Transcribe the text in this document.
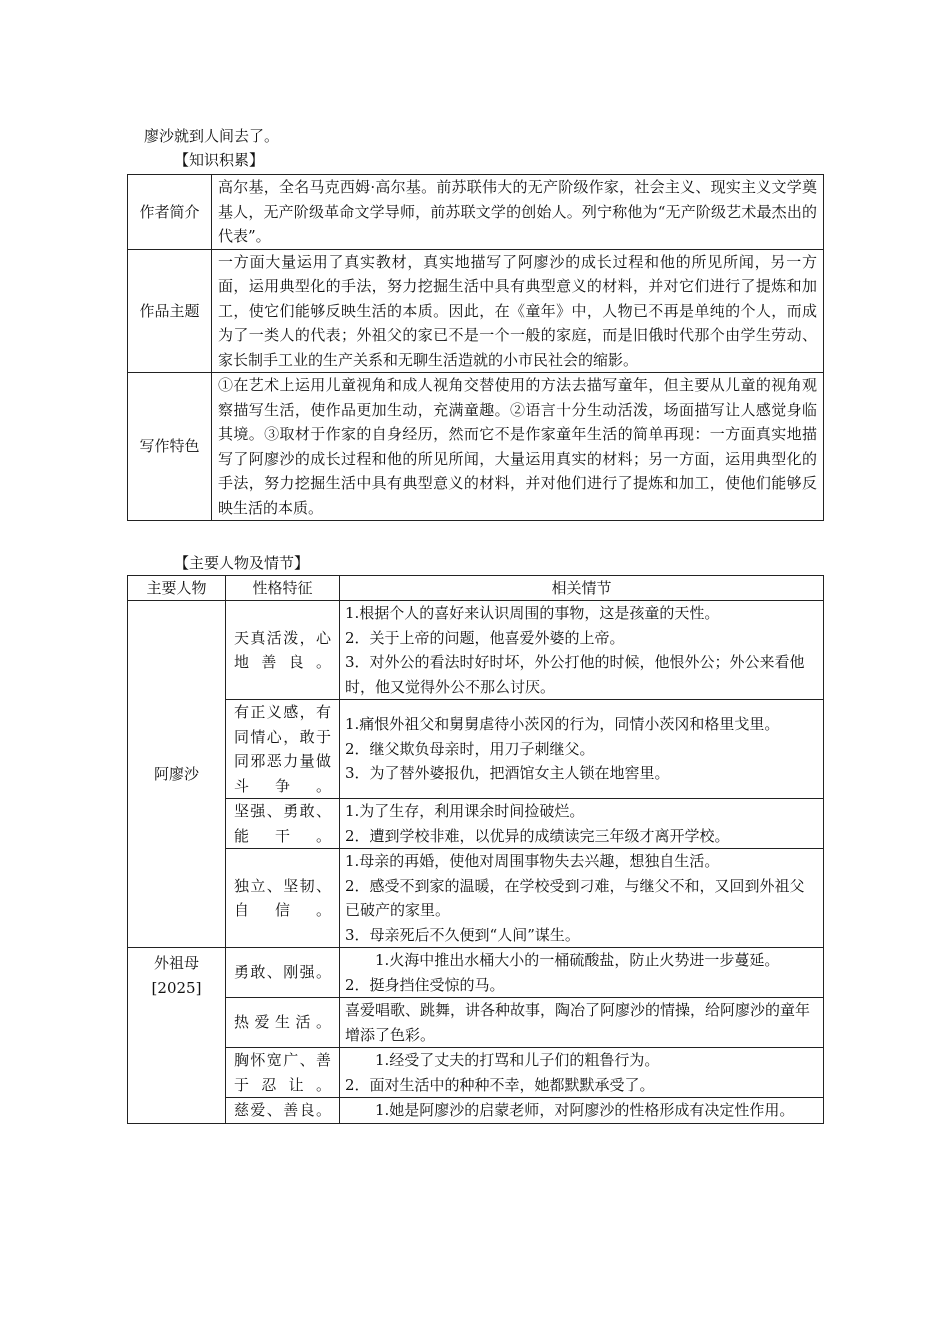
廖沙就到人间去了。
【知识积累】
作者简介	高尔基，全名马克西姆·高尔基。前苏联伟大的无产阶级作家，社会主义、现实主义文学奠基人，无产阶级革命文学导师，前苏联文学的创始人。列宁称他为“无产阶级艺术最杰出的代表”。
作品主题	一方面大量运用了真实教材，真实地描写了阿廖沙的成长过程和他的所见所闻，另一方面，运用典型化的手法，努力挖掘生活中具有典型意义的材料，并对它们进行了提炼和加工，使它们能够反映生活的本质。因此，在《童年》中，人物已不再是单纯的个人，而成为了一类人的代表；外祖父的家已不是一个一般的家庭，而是旧俄时代那个由学生劳动、家长制手工业的生产关系和无聊生活造就的小市民社会的缩影。
写作特色	①在艺术上运用儿童视角和成人视角交替使用的方法去描写童年，但主要从儿童的视角观察描写生活，使作品更加生动，充满童趣。②语言十分生动活泼，场面描写让人感觉身临其境。③取材于作家的自身经历，然而它不是作家童年生活的简单再现：一方面真实地描写了阿廖沙的成长过程和他的所见所闻，大量运用真实的材料；另一方面，运用典型化的手法，努力挖掘生活中具有典型意义的材料，并对他们进行了提炼和加工，使他们能够反映生活的本质。
【主要人物及情节】
主要人物	性格特征	相关情节
阿廖沙	天真活泼，心地善良。	1.根据个人的喜好来认识周围的事物，这是孩童的天性。
2．关于上帝的问题，他喜爱外婆的上帝。
3．对外公的看法时好时坏，外公打他的时候，他恨外公；外公来看他时，他又觉得外公不那么讨厌。

	有正义感，有同情心，敢于同邪恶力量做斗争。	1.痛恨外祖父和舅舅虐待小茨冈的行为，同情小茨冈和格里戈里。
2．继父欺负母亲时，用刀子刺继父。
3．为了替外婆报仇，把酒馆女主人锁在地窖里。

	坚强、勇敢、能干。	1.为了生存，利用课余时间捡破烂。
2．遭到学校非难，以优异的成绩读完三年级才离开学校。

	独立、坚韧、自信。	1.母亲的再婚，使他对周围事物失去兴趣，想独自生活。
2．感受不到家的温暖，在学校受到刁难，与继父不和，又回到外祖父已破产的家里。
3．母亲死后不久便到“人间”谋生。

外祖母
[2025]	勇敢、刚强。	1.火海中推出水桶大小的一桶硫酸盐，防止火势进一步蔓延。
2．挺身挡住受惊的马。

	热爱生活。	喜爱唱歌、跳舞，讲各种故事，陶冶了阿廖沙的情操，给阿廖沙的童年增添了色彩。

	胸怀宽广、善于忍让。	1.经受了丈夫的打骂和儿子们的粗鲁行为。
2．面对生活中的种种不幸，她都默默承受了。

	慈爱、善良。	1.她是阿廖沙的启蒙老师，对阿廖沙的性格形成有决定性作用。
